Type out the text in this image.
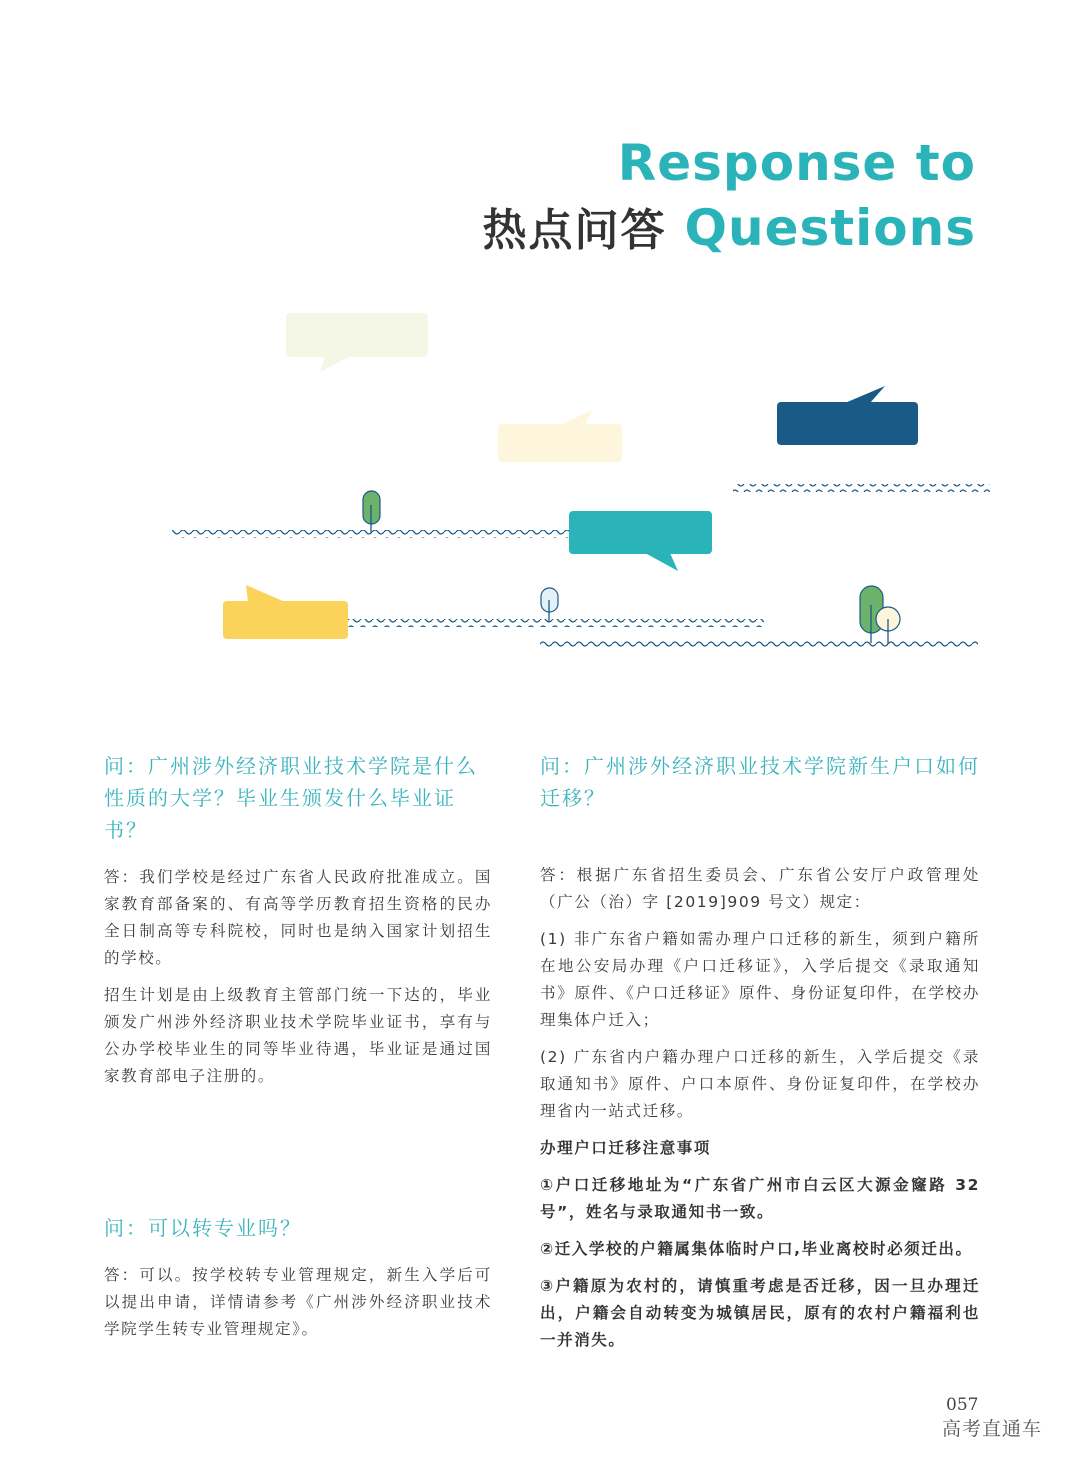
Response to
热点问答 Questions
问：广州涉外经济职业技术学院是什么性质的大学？毕业生颁发什么毕业证书？
答：我们学校是经过广东省人民政府批准成立。国家教育部备案的、有高等学历教育招生资格的民办全日制高等专科院校，同时也是纳入国家计划招生的学校。
招生计划是由上级教育主管部门统一下达的，毕业颁发广州涉外经济职业技术学院毕业证书，享有与公办学校毕业生的同等毕业待遇，毕业证是通过国家教育部电子注册的。
问：可以转专业吗？
答：可以。按学校转专业管理规定，新生入学后可以提出申请，详情请参考《广州涉外经济职业技术学院学生转专业管理规定》。
问：广州涉外经济职业技术学院新生户口如何迁移？
答：根据广东省招生委员会、广东省公安厅户政管理处（广公（治）字 [2019]909 号文）规定：
(1) 非广东省户籍如需办理户口迁移的新生，须到户籍所在地公安局办理《户口迁移证》，入学后提交《录取通知书》原件、《户口迁移证》原件、身份证复印件，在学校办理集体户迁入；
(2) 广东省内户籍办理户口迁移的新生，入学后提交《录取通知书》原件、户口本原件、身份证复印件，在学校办理省内一站式迁移。
办理户口迁移注意事项
①户口迁移地址为“广东省广州市白云区大源金窿路 32 号”，姓名与录取通知书一致。
②迁入学校的户籍属集体临时户口,毕业离校时必须迁出。
③户籍原为农村的，请慎重考虑是否迁移，因一旦办理迁出，户籍会自动转变为城镇居民，原有的农村户籍福利也一并消失。
057
高考直通车
